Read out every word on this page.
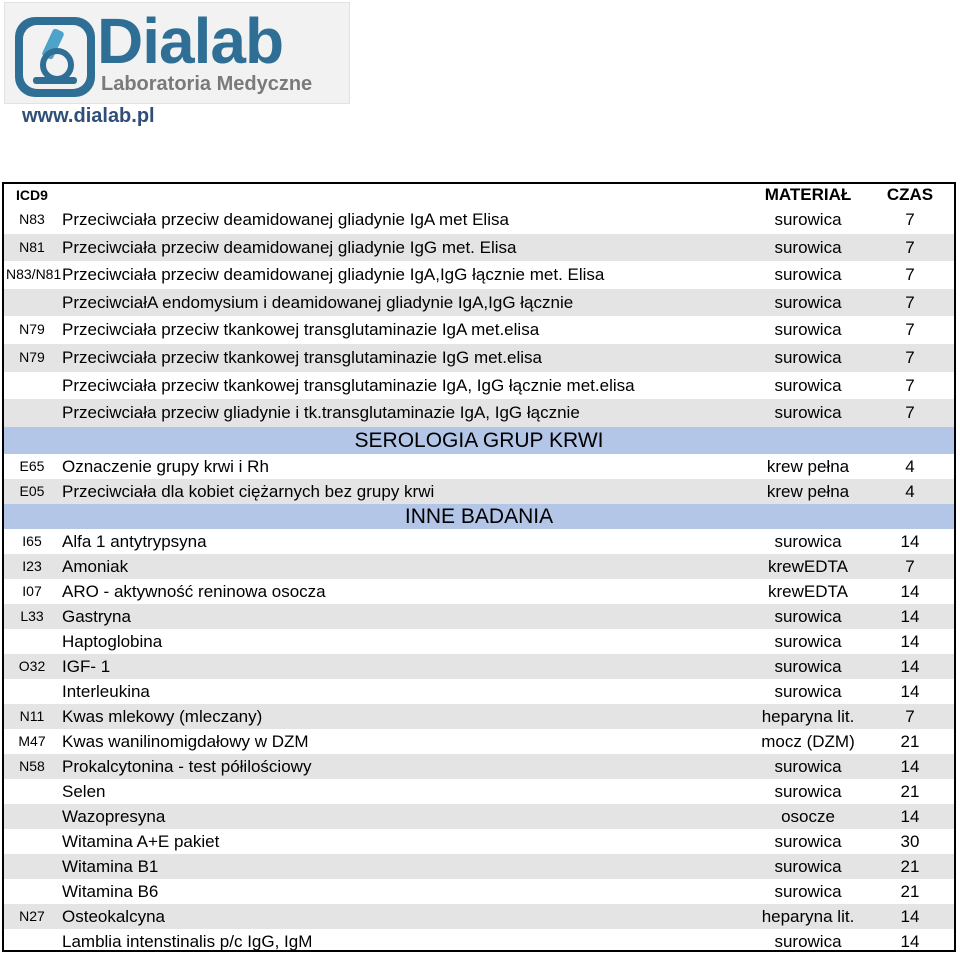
Dialab
Laboratoria Medyczne
www.dialab.pl
ICD9	MATERIAŁ	CZAS
N83	Przeciwciała przeciw deamidowanej gliadynie IgA met Elisa	surowica	7
N81	Przeciwciała przeciw deamidowanej gliadynie IgG met. Elisa	surowica	7
N83/N81 Przeciwciała przeciw deamidowanej gliadynie IgA,IgG łącznie met. Elisa	surowica	7
PrzeciwciałA endomysium i deamidowanej gliadynie IgA,IgG łącznie	surowica	7
N79	Przeciwciała przeciw tkankowej transglutaminazie IgA met.elisa	surowica	7
N79	Przeciwciała przeciw tkankowej transglutaminazie IgG met.elisa	surowica	7
Przeciwciała przeciw tkankowej transglutaminazie IgA, IgG łącznie met.elisa	surowica	7
Przeciwciała przeciw gliadynie i tk.transglutaminazie IgA, IgG łącznie	surowica	7
SEROLOGIA GRUP KRWI
E65	Oznaczenie grupy krwi i Rh	krew pełna	4
E05	Przeciwciała dla kobiet ciężarnych bez grupy krwi	krew pełna	4
INNE BADANIA
I65	Alfa 1 antytrypsyna	surowica	14
I23	Amoniak	krewEDTA	7
I07	ARO - aktywność reninowa osocza	krewEDTA	14
L33	Gastryna	surowica	14
Haptoglobina	surowica	14
O32 IGF- 1	surowica	14
Interleukina	surowica	14
N11	Kwas mlekowy (mleczany)	heparyna lit.	7
M47 Kwas wanilinomigdałowy w DZM	mocz (DZM)	21
N58	Prokalcytonina - test półilościowy	surowica	14
Selen	surowica	21
Wazopresyna	osocze	14
Witamina A+E pakiet	surowica	30
Witamina B1	surowica	21
Witamina B6	surowica	21
N27	Osteokalcyna	heparyna lit.	14
Lamblia intenstinalis p/c IgG, IgM	surowica	14
